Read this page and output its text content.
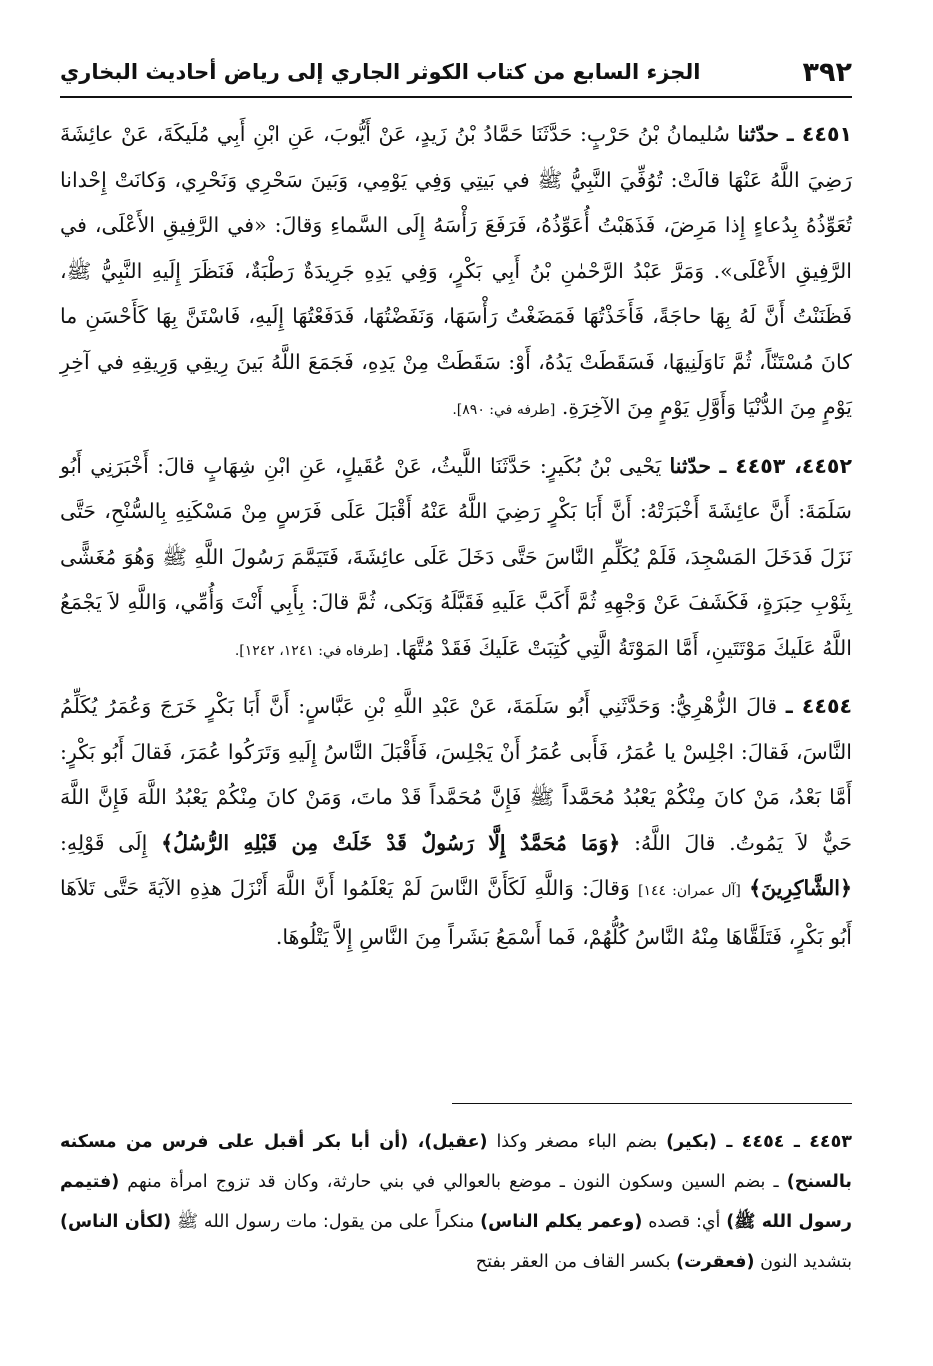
٣٩٢
الجزء السابع من كتاب الكوثر الجاري إلى رياض أحاديث البخاري

٤٤٥١ ـ حدّثنا سُليمانُ بْنُ حَرْبٍ: حَدَّثَنَا حَمَّادُ بْنُ زَيدٍ، عَنْ أَيُّوبَ، عَنِ ابْنِ أَبِي مُلَيكَةَ، عَنْ عائِشَةَ رَضِيَ اللَّهُ عَنْهَا قالَتْ: تُوُفِّيَ النَّبِيُّ ﷺ في بَيتِي وَفِي يَوْمِي، وَبَينَ سَحْرِي وَنَحْرِي، وَكانَتْ إِحْدانا تُعَوِّذُهُ بِدُعاءٍ إِذا مَرِضَ، فَذَهَبْتُ أُعَوِّذُهُ، فَرَفَعَ رَأْسَهُ إِلَى السَّماءِ وَقالَ: «في الرَّفِيقِ الأَعْلَى، في الرَّفِيقِ الأَعْلَى». وَمَرَّ عَبْدُ الرَّحْمٰنِ بْنُ أَبِي بَكْرٍ، وَفِي يَدِهِ جَرِيدَةٌ رَطْبَةٌ، فَنَظَرَ إِلَيهِ النَّبِيُّ ﷺ، فَظَنَنْتُ أَنَّ لَهُ بِهَا حاجَةً، فَأَخَذْتُهَا فَمَضَغْتُ رَأْسَهَا، وَنَفَضْتُهَا، فَدَفَعْتُهَا إِلَيهِ، فَاسْتَنَّ بِهَا كَأَحْسَنِ ما كانَ مُسْتَنّاً، ثُمَّ نَاوَلَنِيهَا، فَسَقَطَتْ يَدُهُ، أَوْ: سَقَطَتْ مِنْ يَدِهِ، فَجَمَعَ اللَّهُ بَينَ رِيقِي وَرِيقِهِ في آخِرِ يَوْمٍ مِنَ الدُّنْيَا وَأَوَّلِ يَوْمٍ مِنَ الآخِرَةِ. [طرفه في: ٨٩٠].

٤٤٥٢، ٤٤٥٣ ـ حدّثنا يَحْيى بْنُ بُكَيرٍ: حَدَّثَنَا اللَّيثُ، عَنْ عُقَيلٍ، عَنِ ابْنِ شِهَابٍ قالَ: أَخْبَرَنِي أَبُو سَلَمَةَ: أَنَّ عائِشَةَ أَخْبَرَتْهُ: أَنَّ أَبَا بَكْرٍ رَضِيَ اللَّهُ عَنْهُ أَقْبَلَ عَلَى فَرَسٍ مِنْ مَسْكَنِهِ بِالسُّنْحِ، حَتَّى نَزَلَ فَدَخَلَ المَسْجِدَ، فَلَمْ يُكَلِّمِ النَّاسَ حَتَّى دَخَلَ عَلَى عائِشَةَ، فَتَيَمَّمَ رَسُولَ اللَّهِ ﷺ وَهُوَ مُغَشًّى بِثَوْبِ حِبَرَةٍ، فَكَشَفَ عَنْ وَجْهِهِ ثُمَّ أَكَبَّ عَلَيهِ فَقَبَّلَهُ وَبَكى، ثُمَّ قالَ: بِأَبِي أَنْتَ وَأُمِّي، وَاللَّهِ لاَ يَجْمَعُ اللَّهُ عَلَيكَ مَوْتَتَينِ، أَمَّا المَوْتَةُ الَّتِي كُتِبَتْ عَلَيكَ فَقَدْ مُتَّهَا. [طرفاه في: ١٢٤١، ١٢٤٢].

٤٤٥٤ ـ قالَ الزُّهْرِيُّ: وَحَدَّثَنِي أَبُو سَلَمَةَ، عَنْ عَبْدِ اللَّهِ بْنِ عَبَّاسٍ: أَنَّ أَبَا بَكْرٍ خَرَجَ وَعُمَرُ يُكَلِّمُ النَّاسَ، فَقالَ: اجْلِسْ يا عُمَرُ، فَأَبى عُمَرُ أَنْ يَجْلِسَ، فَأَقْبَلَ النَّاسُ إِلَيهِ وَتَرَكُوا عُمَرَ، فَقالَ أَبُو بَكْرٍ: أَمَّا بَعْدُ، مَنْ كانَ مِنْكُمْ يَعْبُدُ مُحَمَّداً ﷺ فَإِنَّ مُحَمَّداً قَدْ ماتَ، وَمَنْ كانَ مِنْكُمْ يَعْبُدُ اللَّهَ فَإِنَّ اللَّهَ حَيٌّ لاَ يَمُوتُ. قالَ اللَّهُ: ﴿وَمَا مُحَمَّدٌ إِلَّا رَسُولٌ قَدْ خَلَتْ مِن قَبْلِهِ الرُّسُلُ﴾ إِلَى قَوْلِهِ: ﴿الشَّاكِرِينَ﴾ [آل عمران: ١٤٤] وَقالَ: وَاللَّهِ لَكَأَنَّ النَّاسَ لَمْ يَعْلَمُوا أَنَّ اللَّهَ أَنْزَلَ هذِهِ الآيَةَ حَتَّى تَلاَهَا أَبُو بَكْرٍ، فَتَلَقَّاهَا مِنْهُ النَّاسُ كُلُّهُمْ، فَما أَسْمَعُ بَشَراً مِنَ النَّاسِ إِلاَّ يَتْلُوهَا.

٤٤٥٣ ـ ٤٤٥٤ ـ (بكير) بضم الباء مصغر وكذا (عقيل)، (أن أبا بكر أقبل على فرس من مسكنه بالسنح) ـ بضم السين وسكون النون ـ موضع بالعوالي في بني حارثة، وكان قد تزوج امرأة منهم (فتيمم رسول الله ﷺ) أي: قصده (وعمر يكلم الناس) منكراً على من يقول: مات رسول الله ﷺ (لكأن الناس) بتشديد النون (فعقرت) بكسر القاف من العقر بفتح
